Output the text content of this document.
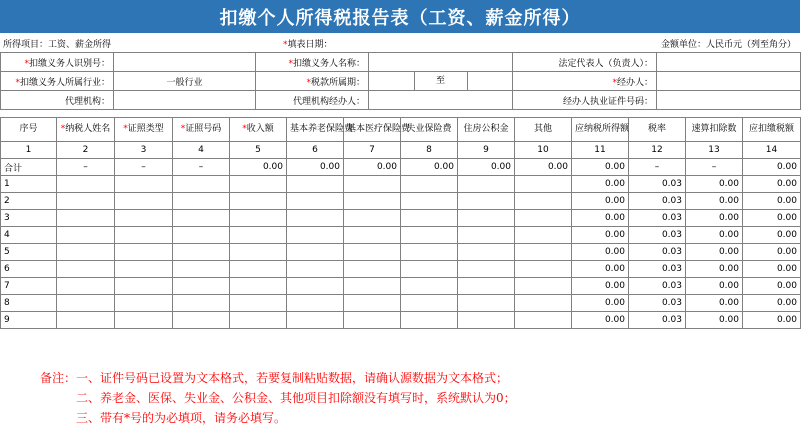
扣缴个人所得税报告表（工资、薪金所得）
所得项目：工资、薪金所得	*填表日期：	金额单位：人民币元（列至角分）
*扣缴义务人识别号：		*扣缴义务人名称：		法定代表人（负责人）：	
*扣缴义务人所属行业：	一般行业	*税款所属期：	至	*经办人：	
代理机构：		代理机构经办人：		经办人执业证件号码：	
序号	*纳税人姓名	*证照类型	*证照号码	*收入额	基本养老保险费	基本医疗保险费	失业保险费	住房公积金	其他	应纳税所得额	税率	速算扣除数	应扣缴税额
1	2	3	4	5	6	7	8	9	10	11	12	13	14
合计	–	–	–	0.00	0.00	0.00	0.00	0.00	0.00	0.00	–	–	0.00
1										0.00	0.03	0.00	0.00
2										0.00	0.03	0.00	0.00
3										0.00	0.03	0.00	0.00
4										0.00	0.03	0.00	0.00
5										0.00	0.03	0.00	0.00
6										0.00	0.03	0.00	0.00
7										0.00	0.03	0.00	0.00
8										0.00	0.03	0.00	0.00
9										0.00	0.03	0.00	0.00
备注：一、证件号码已设置为文本格式，若要复制粘贴数据，请确认源数据为文本格式；
二、养老金、医保、失业金、公积金、其他项目扣除额没有填写时，系统默认为0；
三、带有*号的为必填项，请务必填写。
